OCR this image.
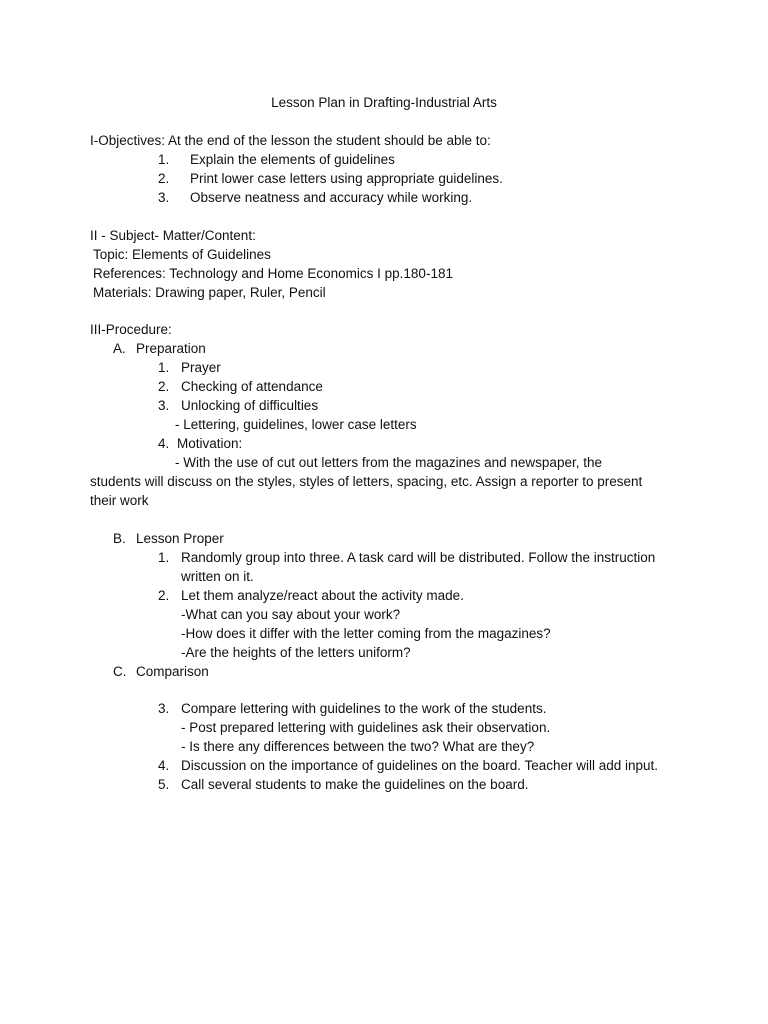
Lesson Plan in Drafting-Industrial Arts
I-Objectives: At the end of the lesson the student should be able to:
1. Explain the elements of guidelines
2. Print lower case letters using appropriate guidelines.
3. Observe neatness and accuracy while working.
II - Subject- Matter/Content:
Topic: Elements of Guidelines
References: Technology and Home Economics I pp.180-181
Materials: Drawing paper, Ruler, Pencil
III-Procedure:
A. Preparation
1. Prayer
2. Checking of attendance
3. Unlocking of difficulties
- Lettering, guidelines, lower case letters
4. Motivation:
- With the use of cut out letters from the magazines and newspaper, the
students will discuss on the styles, styles of letters, spacing, etc. Assign a reporter to present
their work
B. Lesson Proper
1. Randomly group into three. A task card will be distributed. Follow the instruction
written on it.
2. Let them analyze/react about the activity made.
-What can you say about your work?
-How does it differ with the letter coming from the magazines?
-Are the heights of the letters uniform?
C. Comparison
3. Compare lettering with guidelines to the work of the students.
- Post prepared lettering with guidelines ask their observation.
- Is there any differences between the two? What are they?
4. Discussion on the importance of guidelines on the board. Teacher will add input.
5. Call several students to make the guidelines on the board.
